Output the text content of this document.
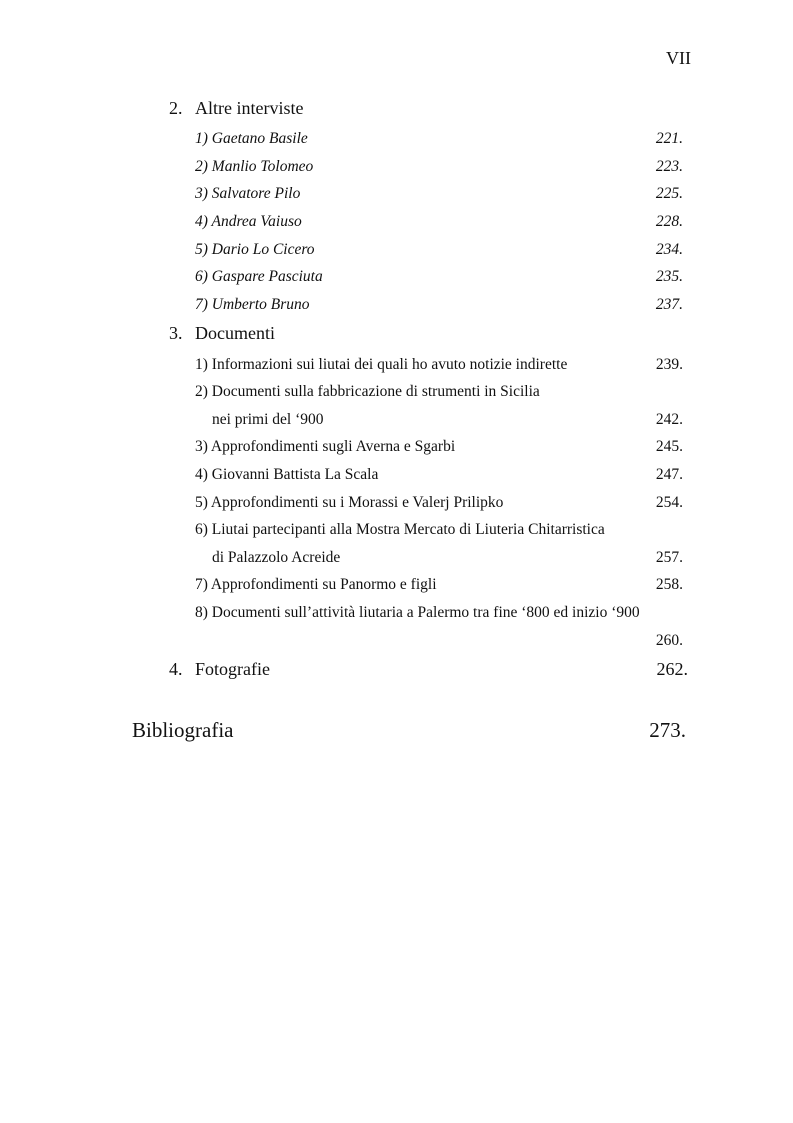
VII
2. Altre interviste
1) Gaetano Basile	221.
2) Manlio Tolomeo	223.
3) Salvatore Pilo	225.
4) Andrea Vaiuso	228.
5) Dario Lo Cicero	234.
6) Gaspare Pasciuta	235.
7) Umberto Bruno	237.
3. Documenti
1) Informazioni sui liutai dei quali ho avuto notizie indirette	239.
2) Documenti sulla fabbricazione di strumenti in Sicilia
nei primi del ‘900	242.
3) Approfondimenti sugli Averna e Sgarbi	245.
4) Giovanni Battista La Scala	247.
5) Approfondimenti su i Morassi e Valerj Prilipko	254.
6) Liutai partecipanti alla Mostra Mercato di Liuteria Chitarristica
di Palazzolo Acreide	257.
7) Approfondimenti su Panormo e figli	258.
8) Documenti sull’attività liutaria a Palermo tra fine ‘800 ed inizio ‘900
260.
4. Fotografie	262.
Bibliografia	273.
